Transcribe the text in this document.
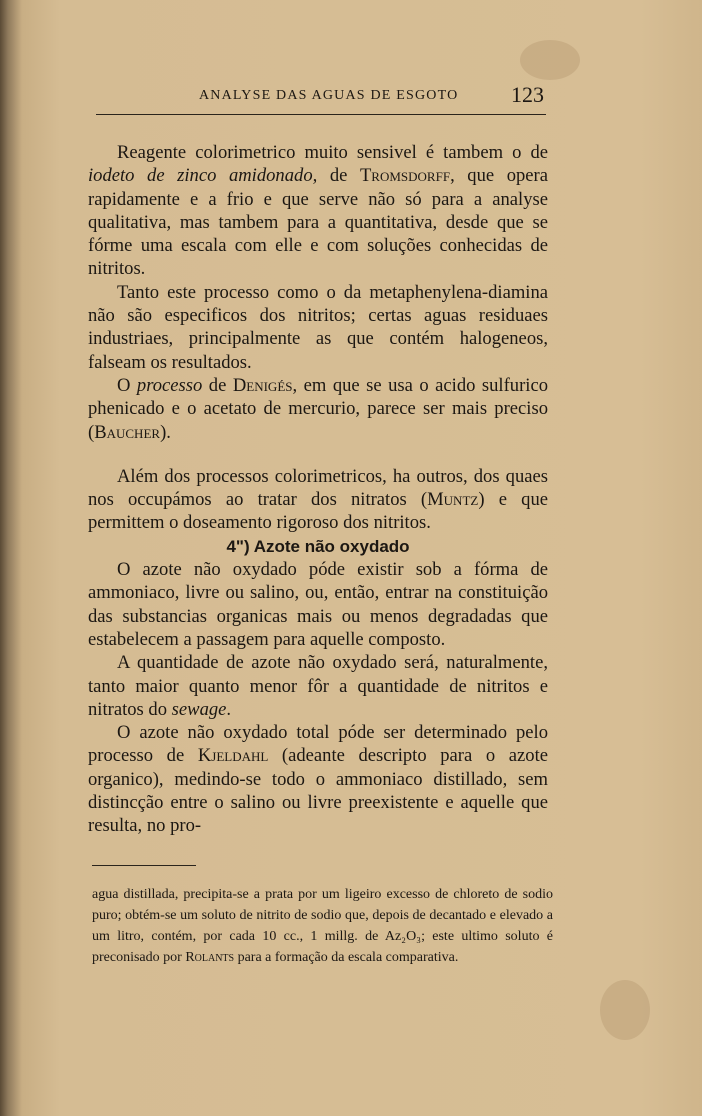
ANALYSE DAS AGUAS DE ESGOTO 123

Reagente colorimetrico muito sensivel é tambem o de iodeto de zinco amidonado, de Tromsdorff, que opera rapidamente e a frio e que serve não só para a analyse qualitativa, mas tambem para a quantitativa, desde que se fórme uma escala com elle e com soluções conhecidas de nitritos.

Tanto este processo como o da metaphenylena-diamina não são especificos dos nitritos; certas aguas residuaes industriaes, principalmente as que contém halogeneos, falseam os resultados.

O processo de Denigés, em que se usa o acido sulfurico phenicado e o acetato de mercurio, parece ser mais preciso (Baucher).

Além dos processos colorimetricos, ha outros, dos quaes nos occupámos ao tratar dos nitratos (Muntz) e que permittem o doseamento rigoroso dos nitritos.

4ʺ) Azote não oxydado

O azote não oxydado póde existir sob a fórma de ammoniaco, livre ou salino, ou, então, entrar na constituição das substancias organicas mais ou menos degradadas que estabelecem a passagem para aquelle composto.

A quantidade de azote não oxydado será, naturalmente, tanto maior quanto menor fôr a quantidade de nitritos e nitratos do sewage.

O azote não oxydado total póde ser determinado pelo processo de Kjeldahl (adeante descripto para o azote organico), medindo-se todo o ammoniaco distillado, sem distincção entre o salino ou livre preexistente e aquelle que resulta, no pro-

agua distillada, precipita-se a prata por um ligeiro excesso de chloreto de sodio puro; obtém-se um soluto de nitrito de sodio que, depois de decantado e elevado a um litro, contém, por cada 10 cc., 1 millg. de Az₂O₃; este ultimo soluto é preconisado por Rolants para a formação da escala comparativa.
